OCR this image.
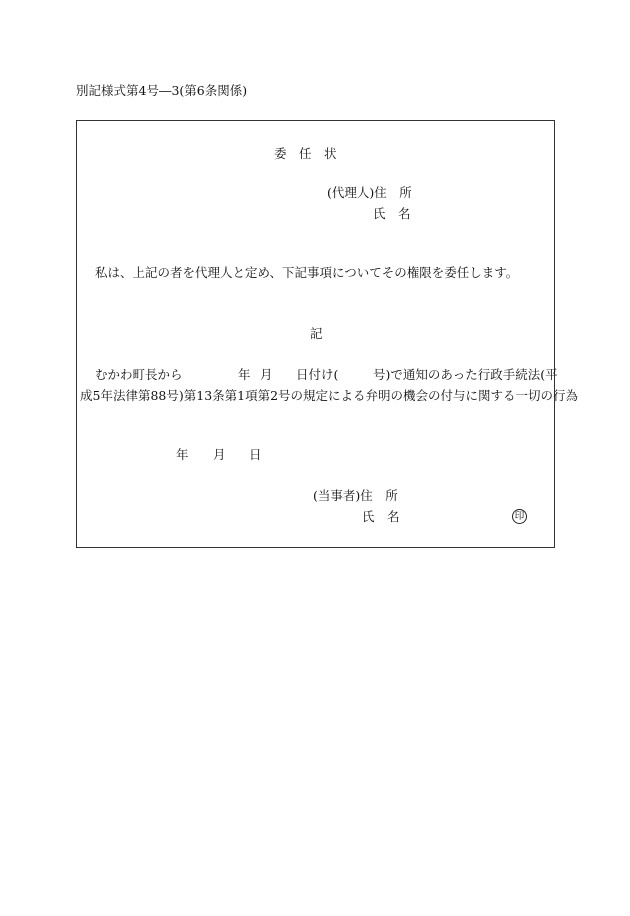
別記様式第4号―3(第6条関係)
委　任　状
(代理人)住　所
氏　名
私は、上記の者を代理人と定め、下記事項についてその権限を委任します。
記
むかわ町長から	年 月 日付け(	号)で通知のあった行政手続法(平
成5年法律第88号)第13条第1項第2号の規定による弁明の機会の付与に関する一切の行為
年 月 日
(当事者)住　所
氏　名	印
